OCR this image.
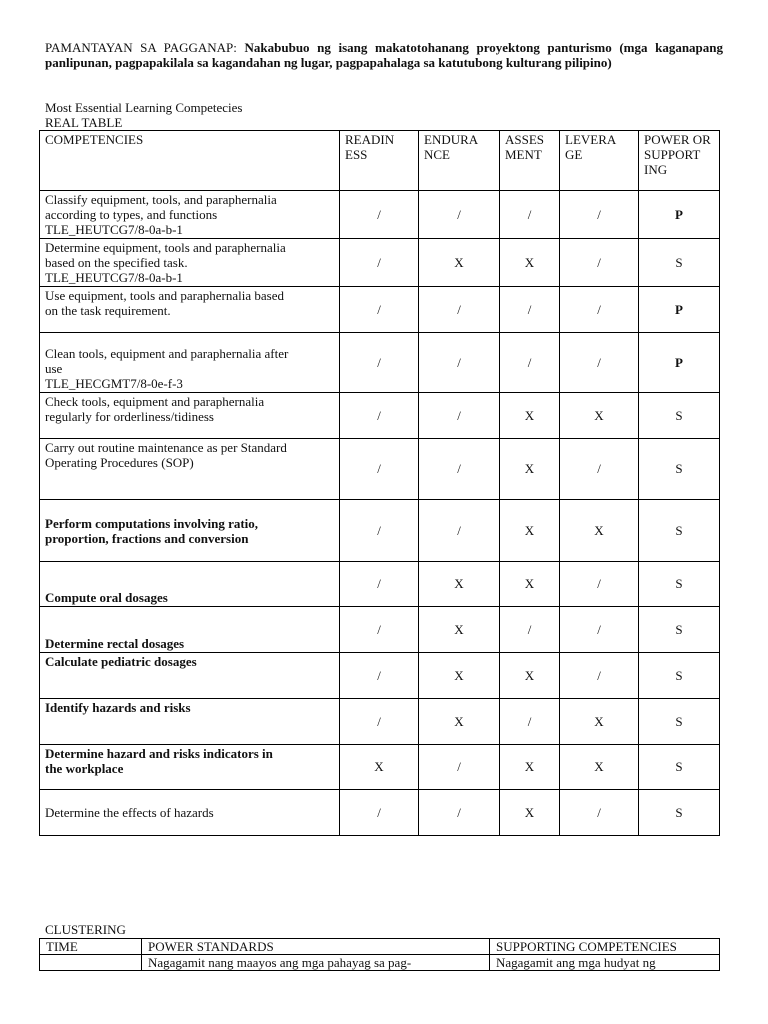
PAMANTAYAN SA PAGGANAP: Nakabubuo ng isang makatotohanang proyektong panturismo (mga kaganapang panlipunan, pagpapakilala sa kagandahan ng lugar, pagpapahalaga sa katutubong kulturang pilipino)
Most Essential Learning Competecies
REAL TABLE
COMPETENCIES	READIN ESS	ENDURA NCE	ASSES MENT	LEVERA GE	POWER OR SUPPORT ING

Classify equipment, tools, and paraphernalia
according to types, and functions
TLE_HEUTCG7/8-0a-b-1	/	/	/	/	P

Determine equipment, tools and paraphernalia
based on the specified task.
TLE_HEUTCG7/8-0a-b-1	/	X	X	/	S

Use equipment, tools and paraphernalia based
on the task requirement.	/	/	/	/	P

Clean tools, equipment and paraphernalia after
use
TLE_HECGMT7/8-0e-f-3	/	/	/	/	P

Check tools, equipment and paraphernalia
regularly for orderliness/tidiness	/	/	X	X	S

Carry out routine maintenance as per Standard
Operating Procedures (SOP)	/	/	X	/	S

Perform computations involving ratio,
proportion, fractions and conversion	/	/	X	X	S

Compute oral dosages	/	X	X	/	S

Determine rectal dosages	/	X	/	/	S

Calculate pediatric dosages	/	X	X	/	S

Identify hazards and risks	/	X	/	X	S

Determine hazard and risks indicators in
the workplace	X	/	X	X	S

Determine the effects of hazards	/	/	X	/	S
CLUSTERING
TIME	POWER STANDARDS	SUPPORTING COMPETENCIES
	Nagagamit nang maayos ang mga pahayag sa pag-	Nagagamit ang mga hudyat ng
